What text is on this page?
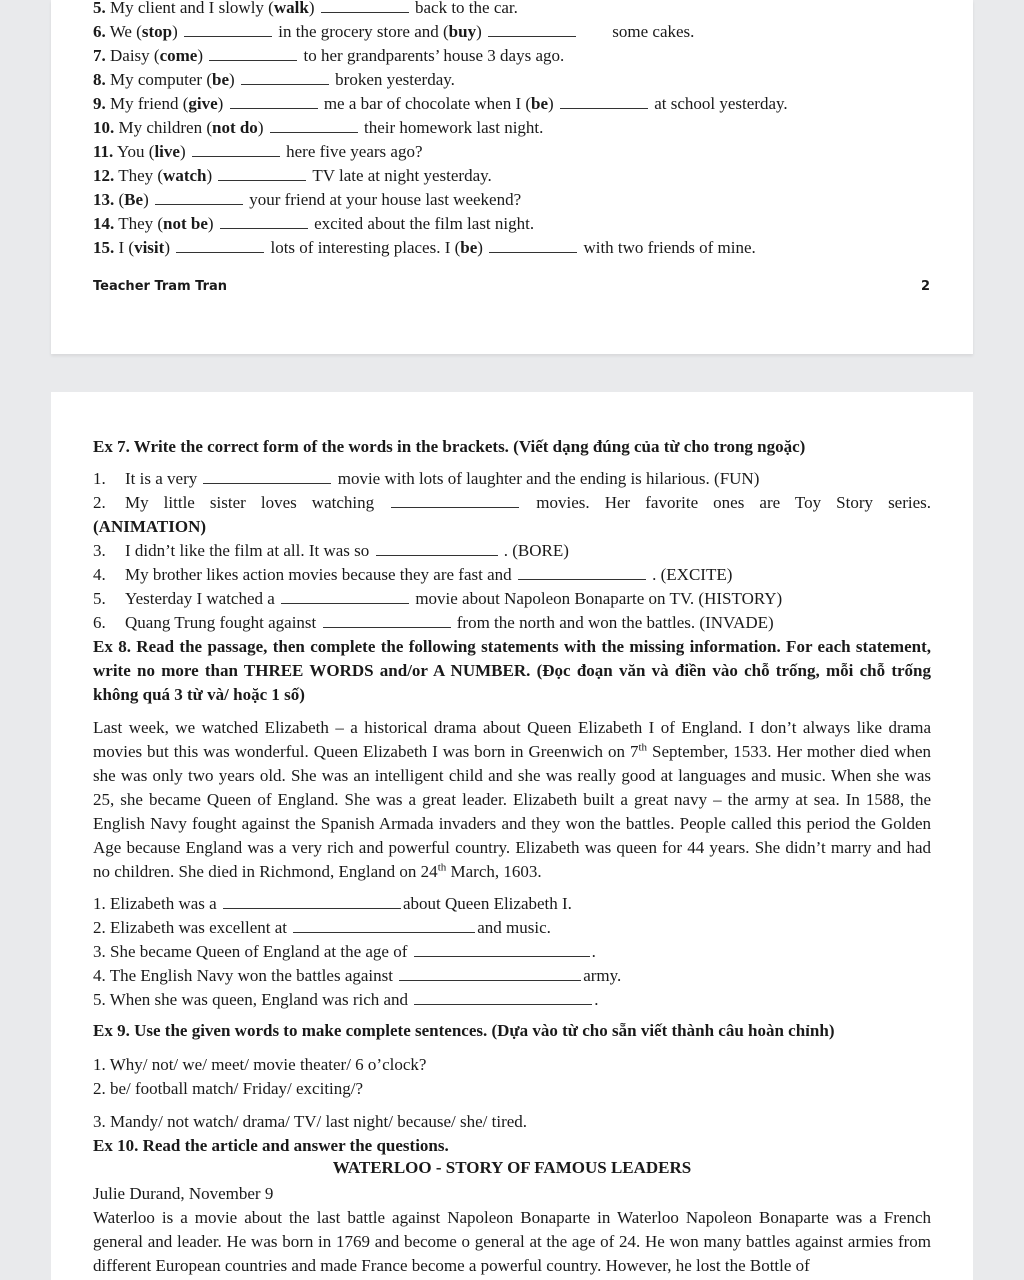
5. My client and I slowly (walk)	back to the car.
6. We (stop)	in the grocery store and (buy)	some cakes.
7. Daisy (come)	to her grandparents’ house 3 days ago.
8. My computer (be)	broken yesterday.
9. My friend (give)	me a bar of chocolate when I (be)	at school yesterday.
10. My children (not do)	their homework last night.
11. You (live)	here five years ago?
12. They (watch)	TV late at night yesterday.
13. (Be)	your friend at your house last weekend?
14. They (not be)	excited about the film last night.
15. I (visit)	lots of interesting places. I (be)	with two friends of mine.
Teacher Tram Tran	2
Ex 7. Write the correct form of the words in the brackets. (Viết dạng đúng của từ cho trong ngoặc)
1. It is a very	movie with lots of laughter and the ending is hilarious. (FUN)
2. My little sister loves watching	movies. Her favorite ones are Toy Story series.
(ANIMATION)
3. I didn’t like the film at all. It was so	. (BORE)
4. My brother likes action movies because they are fast and	. (EXCITE)
5. Yesterday I watched a	movie about Napoleon Bonaparte on TV. (HISTORY)
6. Quang Trung fought against	from the north and won the battles. (INVADE)
Ex 8. Read the passage, then complete the following statements with the missing information. For each statement, write no more than THREE WORDS and/or A NUMBER. (Đọc đoạn văn và điền vào chỗ trống, mỗi chỗ trống không quá 3 từ và/ hoặc 1 số)
Last week, we watched Elizabeth – a historical drama about Queen Elizabeth I of England. I don’t always like drama movies but this was wonderful. Queen Elizabeth I was born in Greenwich on 7th September, 1533. Her mother died when she was only two years old. She was an intelligent child and she was really good at languages and music. When she was 25, she became Queen of England. She was a great leader. Elizabeth built a great navy – the army at sea. In 1588, the English Navy fought against the Spanish Armada invaders and they won the battles. People called this period the Golden Age because England was a very rich and powerful country. Elizabeth was queen for 44 years. She didn’t marry and had no children. She died in Richmond, England on 24th March, 1603.
1. Elizabeth was a	about Queen Elizabeth I.
2. Elizabeth was excellent at	and music.
3. She became Queen of England at the age of	.
4. The English Navy won the battles against	army.
5. When she was queen, England was rich and	.
Ex 9. Use the given words to make complete sentences. (Dựa vào từ cho sẵn viết thành câu hoàn chỉnh)
1. Why/ not/ we/ meet/ movie theater/ 6 o’clock?
2. be/ football match/ Friday/ exciting/?
3. Mandy/ not watch/ drama/ TV/ last night/ because/ she/ tired.
Ex 10. Read the article and answer the questions.
WATERLOO - STORY OF FAMOUS LEADERS
Julie Durand, November 9
Waterloo is a movie about the last battle against Napoleon Bonaparte in Waterloo Napoleon Bonaparte was a French general and leader. He was born in 1769 and become o general at the age of 24. He won many battles against armies from different European countries and made France become a powerful country. However, he lost the Bottle of
